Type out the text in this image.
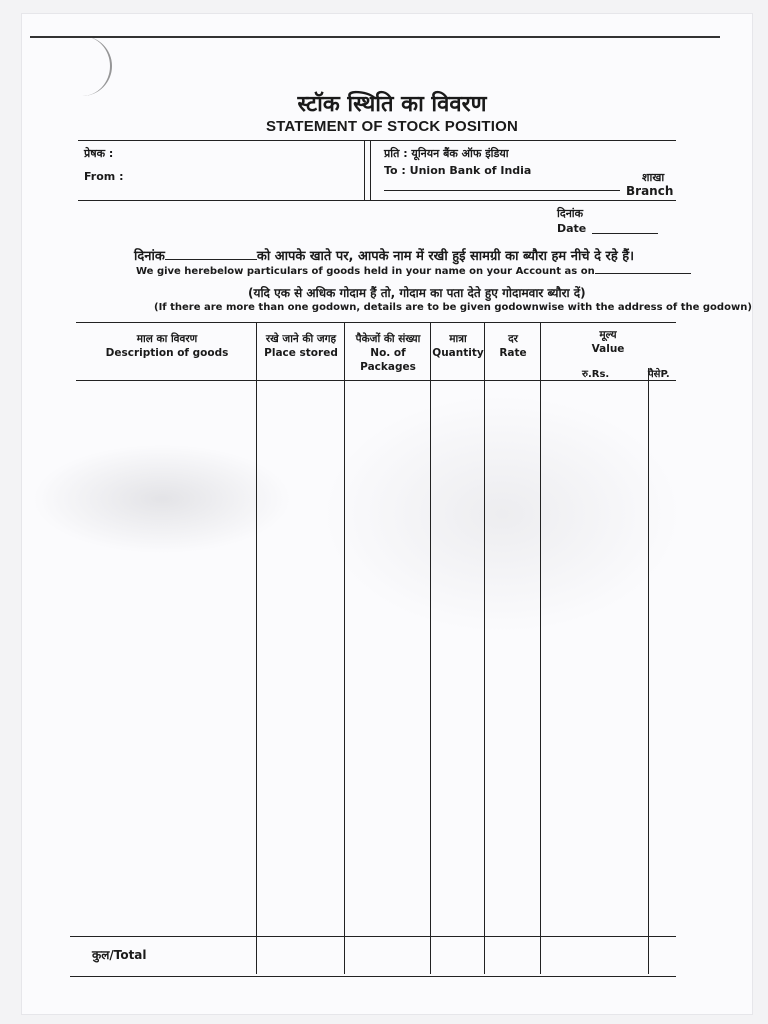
स्टॉक स्थिति का विवरण
STATEMENT OF STOCK POSITION
प्रेषक :
From :
प्रति : यूनियन बैंक ऑफ इंडिया
To : Union Bank of India
शाखा
Branch
दिनांक
Date
दिनांक	को आपके खाते पर, आपके नाम में रखी हुई सामग्री का ब्यौरा हम नीचे दे रहे हैं।
We give herebelow particulars of goods held in your name on your Account as on
(यदि एक से अधिक गोदाम हैं तो, गोदाम का पता देते हुए गोदामवार ब्यौरा दें)
(If there are more than one godown, details are to be given godownwise with the address of the godown)
माल का विवरण
Description of goods
रखे जाने की जगह
Place stored
पैकेजों की संख्या
No. of Packages
मात्रा
Quantity
दर
Rate
मूल्य
Value
रु.Rs.	पैसेP.
कुल/Total
